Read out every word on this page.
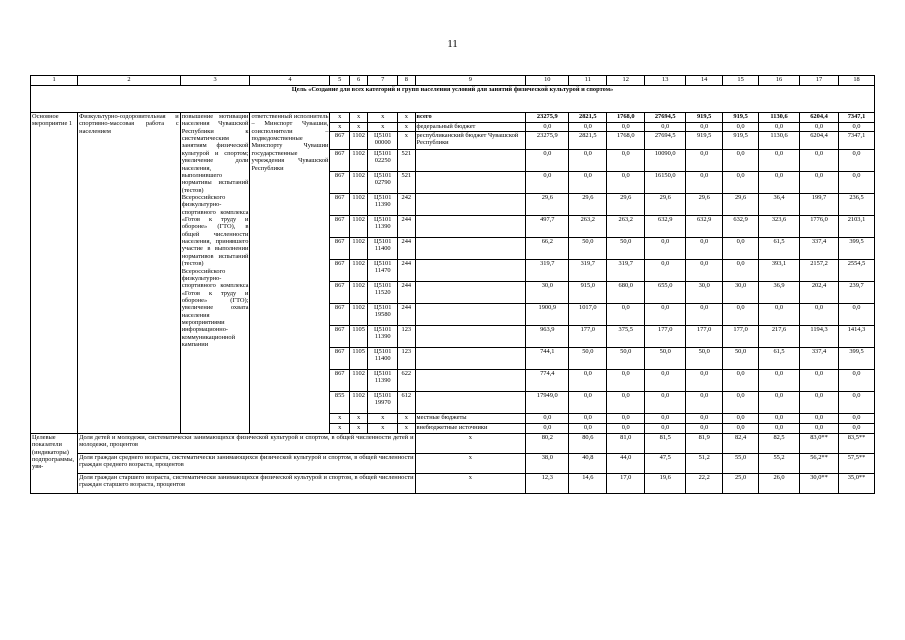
11
1	2	3	4	5	6	7	8	9	10	11	12	13	14	15	16	17	18
Цель «Создание для всех категорий и групп населения условий для занятий физической культурой и спортом»																	
Основное мероприятие 1	Физкультурно-оздоровительная и спортивно-массовая работа с населением	повышение мотивации населения Чувашской Республики к систематическим занятиям физической культурой и спортом; увеличение доли населения, выполнившего нормативы испытаний (тестов) Всероссийского физкультурно-спортивного комплекса «Готов к труду и обороне» (ГТО), в общей численности населения, принявшего участие в выполнении нормативов испытаний (тестов) Всероссийского физкультурно-спортивного комплекса «Готов к труду и обороне» (ГТО); увеличение охвата населения мероприятиями информационно-коммуникационной кампании	ответственный исполнитель – Минспорт Чувашии, соисполнители – подведомственные Минспорту Чувашии государственные учреждения Чувашской Республики	x	x	x	x	всего	23275,9	2821,5	1768,0	27694,5	919,5	919,5	1130,6	6204,4	7347,1
				x	x	x	x	федеральный бюджет	0,0	0,0	0,0	0,0	0,0	0,0	0,0	0,0	0,0
				867	1102	Ц5101 00000	x	республиканский бюджет Чувашской Республики	23275,9	2821,5	1768,0	27694,5	919,5	919,5	1130,6	6204,4	7347,1
				867	1102	Ц5101 02250	521		0,0	0,0	0,0	10090,0	0,0	0,0	0,0	0,0	0,0
				867	1102	Ц5101 02790	521		0,0	0,0	0,0	16150,0	0,0	0,0	0,0	0,0	0,0
				867	1102	Ц5101 11390	242		29,6	29,6	29,6	29,6	29,6	29,6	36,4	199,7	236,5
				867	1102	Ц5101 11390	244		497,7	263,2	263,2	632,9	632,9	632,9	323,6	1776,0	2103,1
				867	1102	Ц5101 11400	244		66,2	50,0	50,0	0,0	0,0	0,0	61,5	337,4	399,5
				867	1102	Ц5101 11470	244		319,7	319,7	319,7	0,0	0,0	0,0	393,1	2157,2	2554,5
				867	1102	Ц5101 11520	244		30,0	915,0	680,0	655,0	30,0	30,0	36,9	202,4	239,7
				867	1102	Ц5101 19580	244		1900,9	1017,0	0,0	0,0	0,0	0,0	0,0	0,0	0,0
				867	1105	Ц5101 11390	123		963,9	177,0	375,5	177,0	177,0	177,0	217,6	1194,3	1414,3
				867	1105	Ц5101 11400	123		744,1	50,0	50,0	50,0	50,0	50,0	61,5	337,4	399,5
				867	1102	Ц5101 11390	622		774,4	0,0	0,0	0,0	0,0	0,0	0,0	0,0	0,0
				855	1102	Ц5101 19970	612		17949,0	0,0	0,0	0,0	0,0	0,0	0,0	0,0	0,0
				x	x	x	x	местные бюджеты	0,0	0,0	0,0	0,0	0,0	0,0	0,0	0,0	0,0
				x	x	x	x	внебюджетные источники	0,0	0,0	0,0	0,0	0,0	0,0	0,0	0,0	0,0
Целевые показатели (индикаторы) подпрограммы, увя-	Доля детей и молодежи, систематически занимающихся физической культурой и спортом, в общей численности детей и молодежи, процентов							x	80,2	80,6	81,0	81,5	81,9	82,4	82,5	83,0**	83,5**
	Доля граждан среднего возраста, систематически занимающихся физической культурой и спортом, в общей численности граждан среднего возраста, процентов							x	38,0	40,8	44,0	47,5	51,2	55,0	55,2	56,2**	57,5**
	Доля граждан старшего возраста, систематически занимающихся физической культурой и спортом, в общей численности граждан старшего возраста, процентов							x	12,3	14,6	17,0	19,6	22,2	25,0	26,0	30,0**	35,0**
